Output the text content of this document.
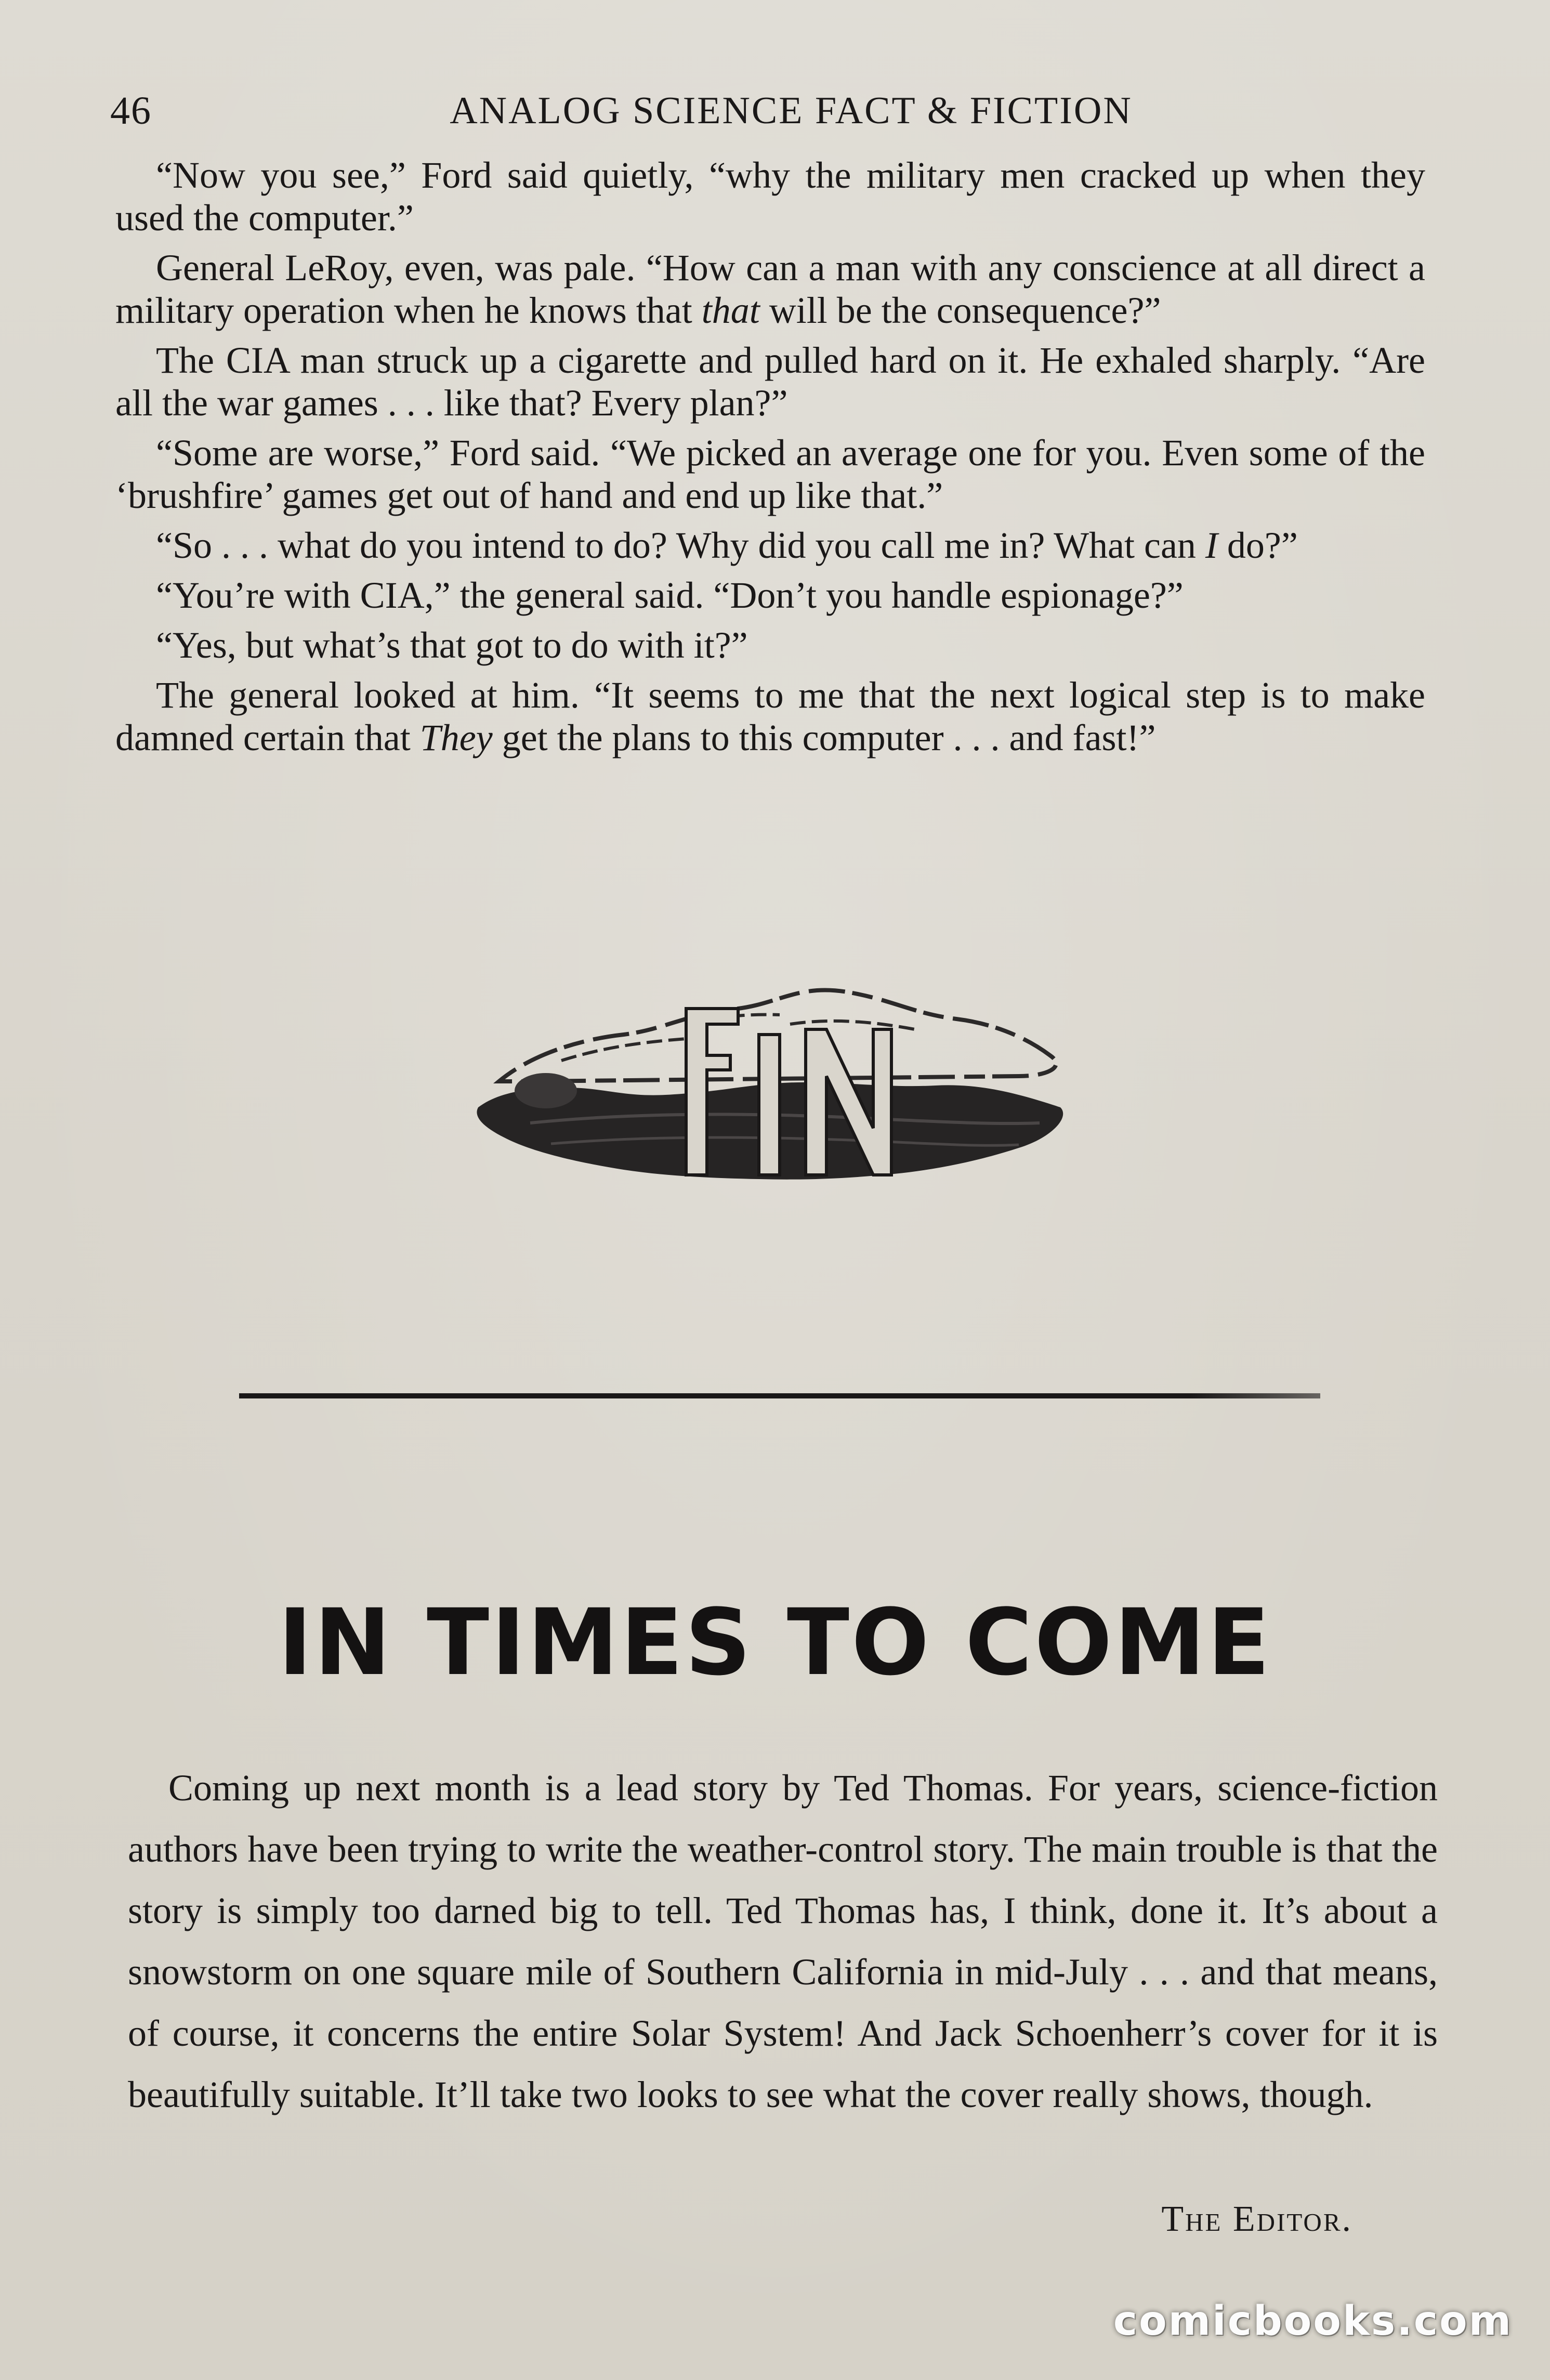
46	ANALOG SCIENCE FACT & FICTION

“Now you see,” Ford said quietly, “why the military men cracked up when they used the computer.”

General LeRoy, even, was pale. “How can a man with any conscience at all direct a military operation when he knows that that will be the consequence?”

The CIA man struck up a cigarette and pulled hard on it. He exhaled sharply. “Are all the war games . . . like that? Every plan?”

“Some are worse,” Ford said. “We picked an average one for you. Even some of the ‘brushfire’ games get out of hand and end up like that.”

“So . . . what do you intend to do? Why did you call me in? What can I do?”

“You’re with CIA,” the general said. “Don’t you handle espionage?”

“Yes, but what’s that got to do with it?”

The general looked at him. “It seems to me that the next logical step is to make damned certain that They get the plans to this computer . . . and fast!”

IN TIMES TO COME

Coming up next month is a lead story by Ted Thomas. For years, science-fiction authors have been trying to write the weather-control story. The main trouble is that the story is simply too darned big to tell. Ted Thomas has, I think, done it. It’s about a snowstorm on one square mile of Southern California in mid-July . . . and that means, of course, it concerns the entire Solar System! And Jack Schoenherr’s cover for it is beautifully suitable. It’ll take two looks to see what the cover really shows, though.

The Editor.
comicbooks.com
